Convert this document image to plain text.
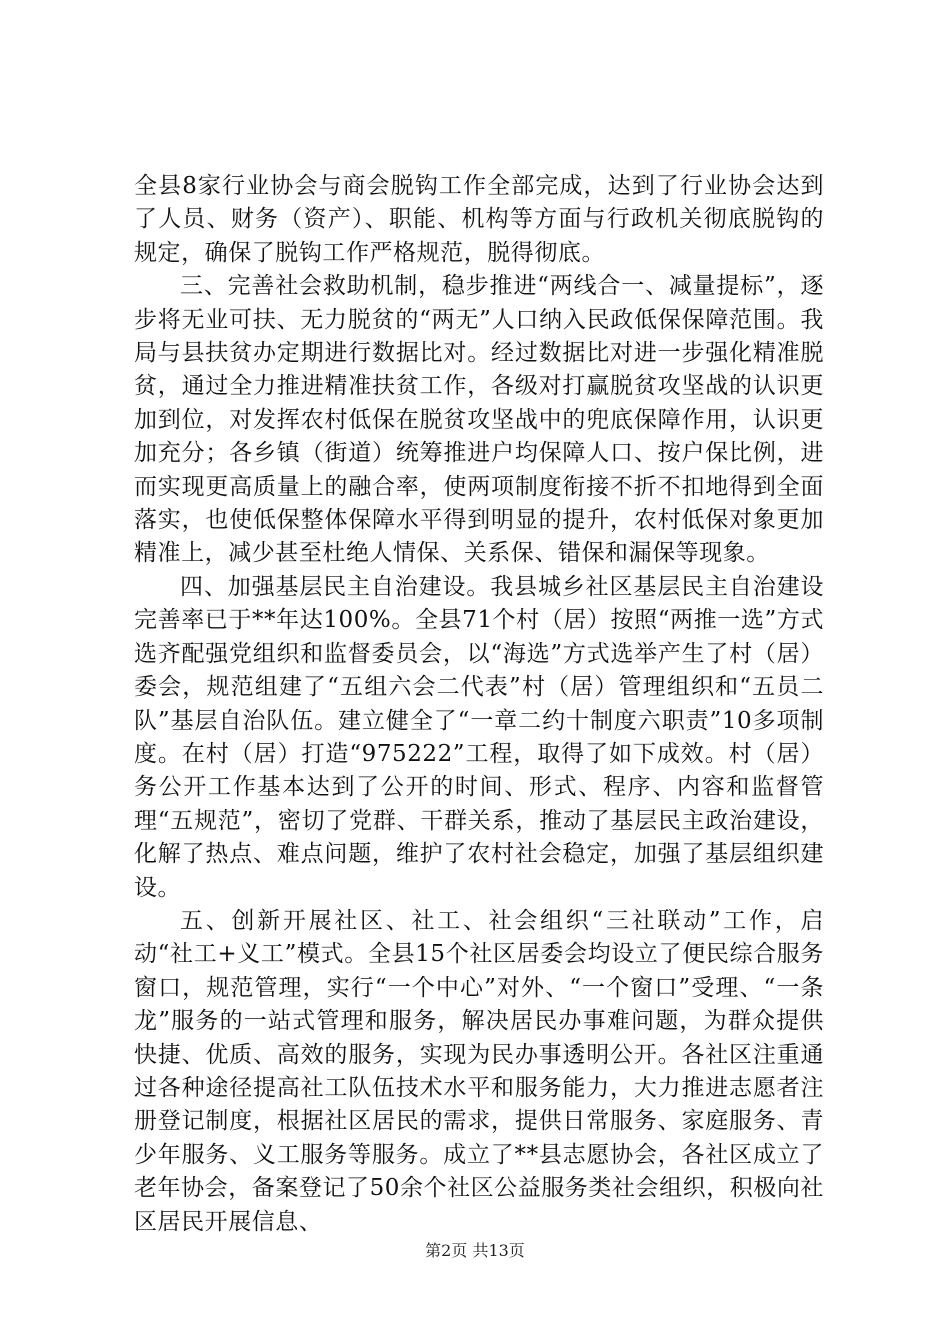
全县8家行业协会与商会脱钩工作全部完成，达到了行业协会达到了人员、财务（资产）、职能、机构等方面与行政机关彻底脱钩的规定，确保了脱钩工作严格规范，脱得彻底。

三、完善社会救助机制，稳步推进“两线合一、减量提标”，逐步将无业可扶、无力脱贫的“两无”人口纳入民政低保保障范围。我局与县扶贫办定期进行数据比对。经过数据比对进一步强化精准脱贫，通过全力推进精准扶贫工作，各级对打赢脱贫攻坚战的认识更加到位，对发挥农村低保在脱贫攻坚战中的兜底保障作用，认识更加充分；各乡镇（街道）统筹推进户均保障人口、按户保比例，进而实现更高质量上的融合率，使两项制度衔接不折不扣地得到全面落实，也使低保整体保障水平得到明显的提升，农村低保对象更加精准上，减少甚至杜绝人情保、关系保、错保和漏保等现象。

四、加强基层民主自治建设。我县城乡社区基层民主自治建设完善率已于**年达100%。全县71个村（居）按照“两推一选”方式选齐配强党组织和监督委员会，以“海选”方式选举产生了村（居）委会，规范组建了“五组六会二代表”村（居）管理组织和“五员二队”基层自治队伍。建立健全了“一章二约十制度六职责”10多项制度。在村（居）打造“975222”工程，取得了如下成效。村（居）务公开工作基本达到了公开的时间、形式、程序、内容和监督管理“五规范”，密切了党群、干群关系，推动了基层民主政治建设，化解了热点、难点问题，维护了农村社会稳定，加强了基层组织建设。

五、创新开展社区、社工、社会组织“三社联动”工作，启动“社工+义工”模式。全县15个社区居委会均设立了便民综合服务窗口，规范管理，实行“一个中心”对外、“一个窗口”受理、“一条龙”服务的一站式管理和服务，解决居民办事难问题，为群众提供快捷、优质、高效的服务，实现为民办事透明公开。各社区注重通过各种途径提高社工队伍技术水平和服务能力，大力推进志愿者注册登记制度，根据社区居民的需求，提供日常服务、家庭服务、青少年服务、义工服务等服务。成立了**县志愿协会，各社区成立了老年协会，备案登记了50余个社区公益服务类社会组织，积极向社区居民开展信息、

第2页 共13页
